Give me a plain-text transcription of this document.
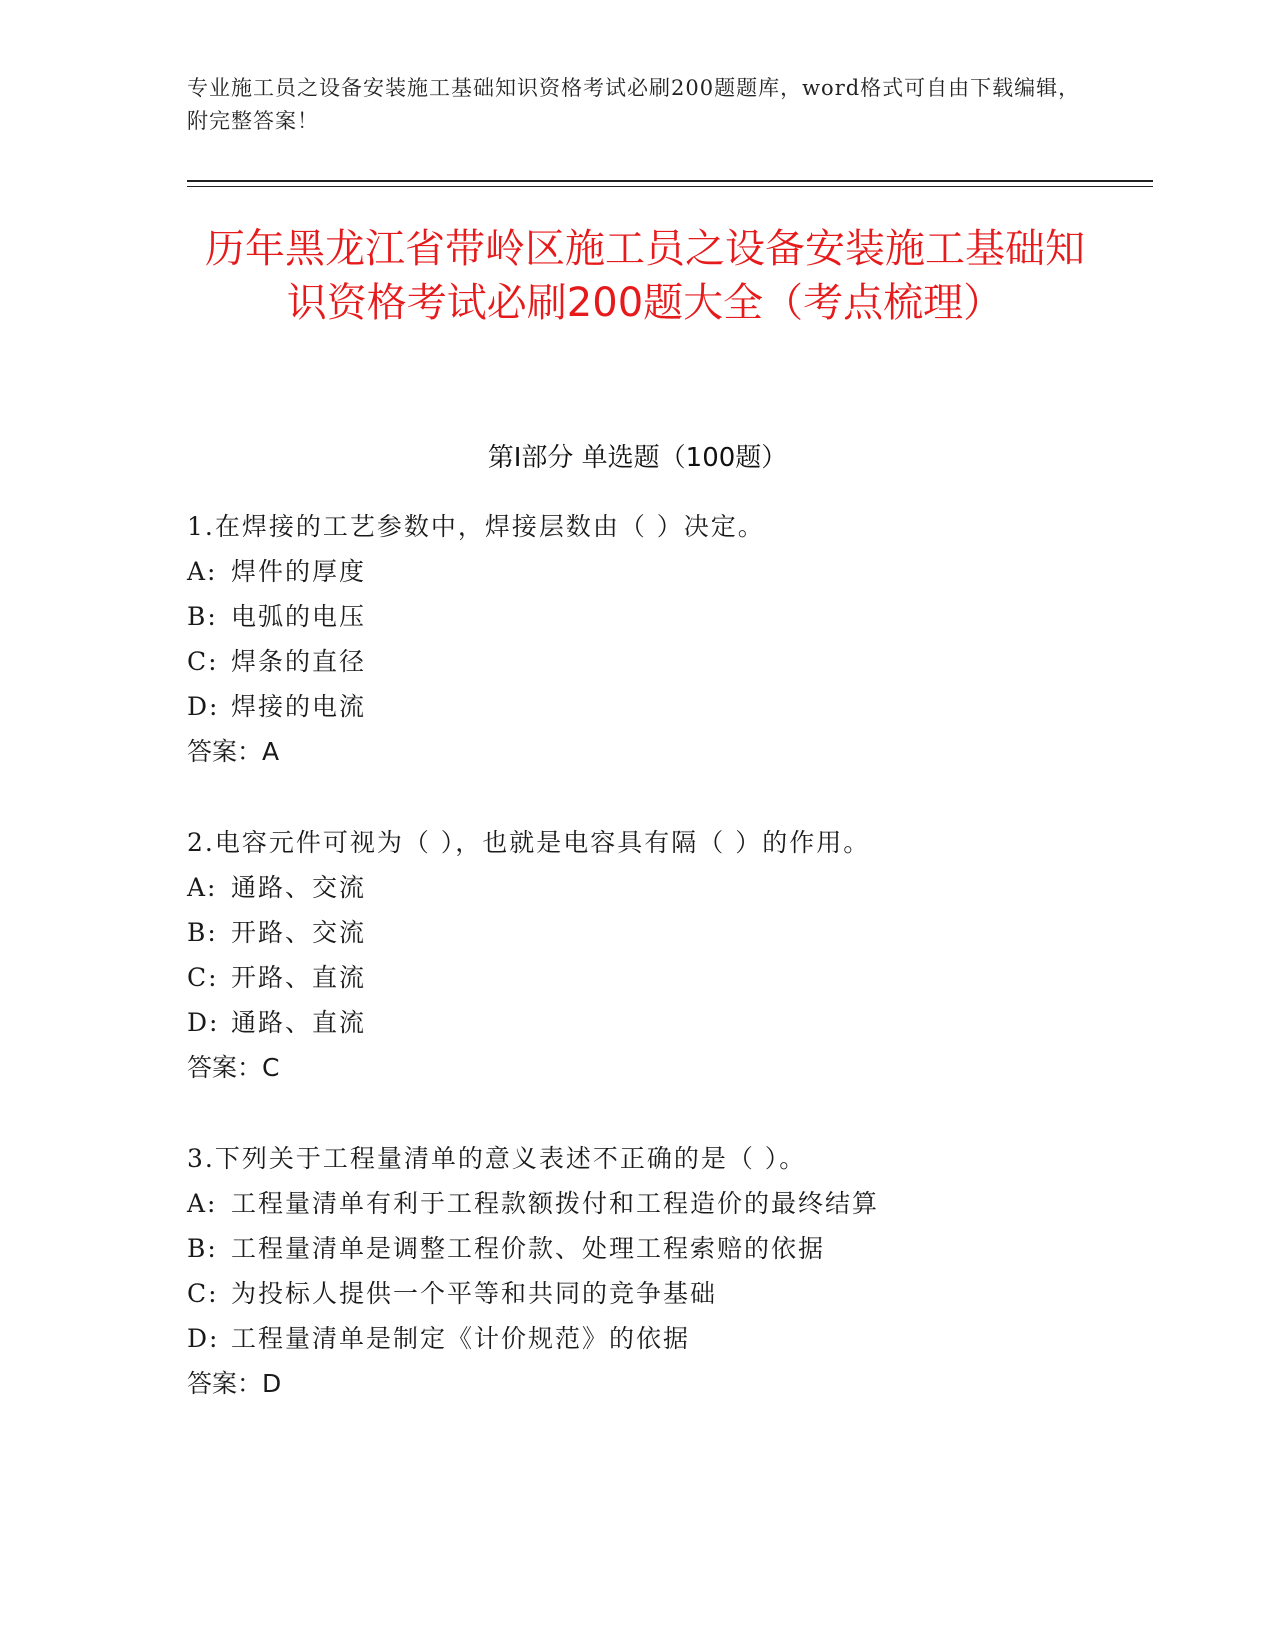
专业施工员之设备安装施工基础知识资格考试必刷200题题库，word格式可自由下载编辑，附完整答案！
历年黑龙江省带岭区施工员之设备安装施工基础知识资格考试必刷200题大全（考点梳理）
第I部分 单选题（100题）
1.在焊接的工艺参数中，焊接层数由（ ）决定。
A: 焊件的厚度
B: 电弧的电压
C: 焊条的直径
D: 焊接的电流
答案：A
2.电容元件可视为（ ），也就是电容具有隔（ ）的作用。
A: 通路、交流
B: 开路、交流
C: 开路、直流
D: 通路、直流
答案：C
3.下列关于工程量清单的意义表述不正确的是（ ）。
A: 工程量清单有利于工程款额拨付和工程造价的最终结算
B: 工程量清单是调整工程价款、处理工程索赔的依据
C: 为投标人提供一个平等和共同的竞争基础
D: 工程量清单是制定《计价规范》的依据
答案：D
